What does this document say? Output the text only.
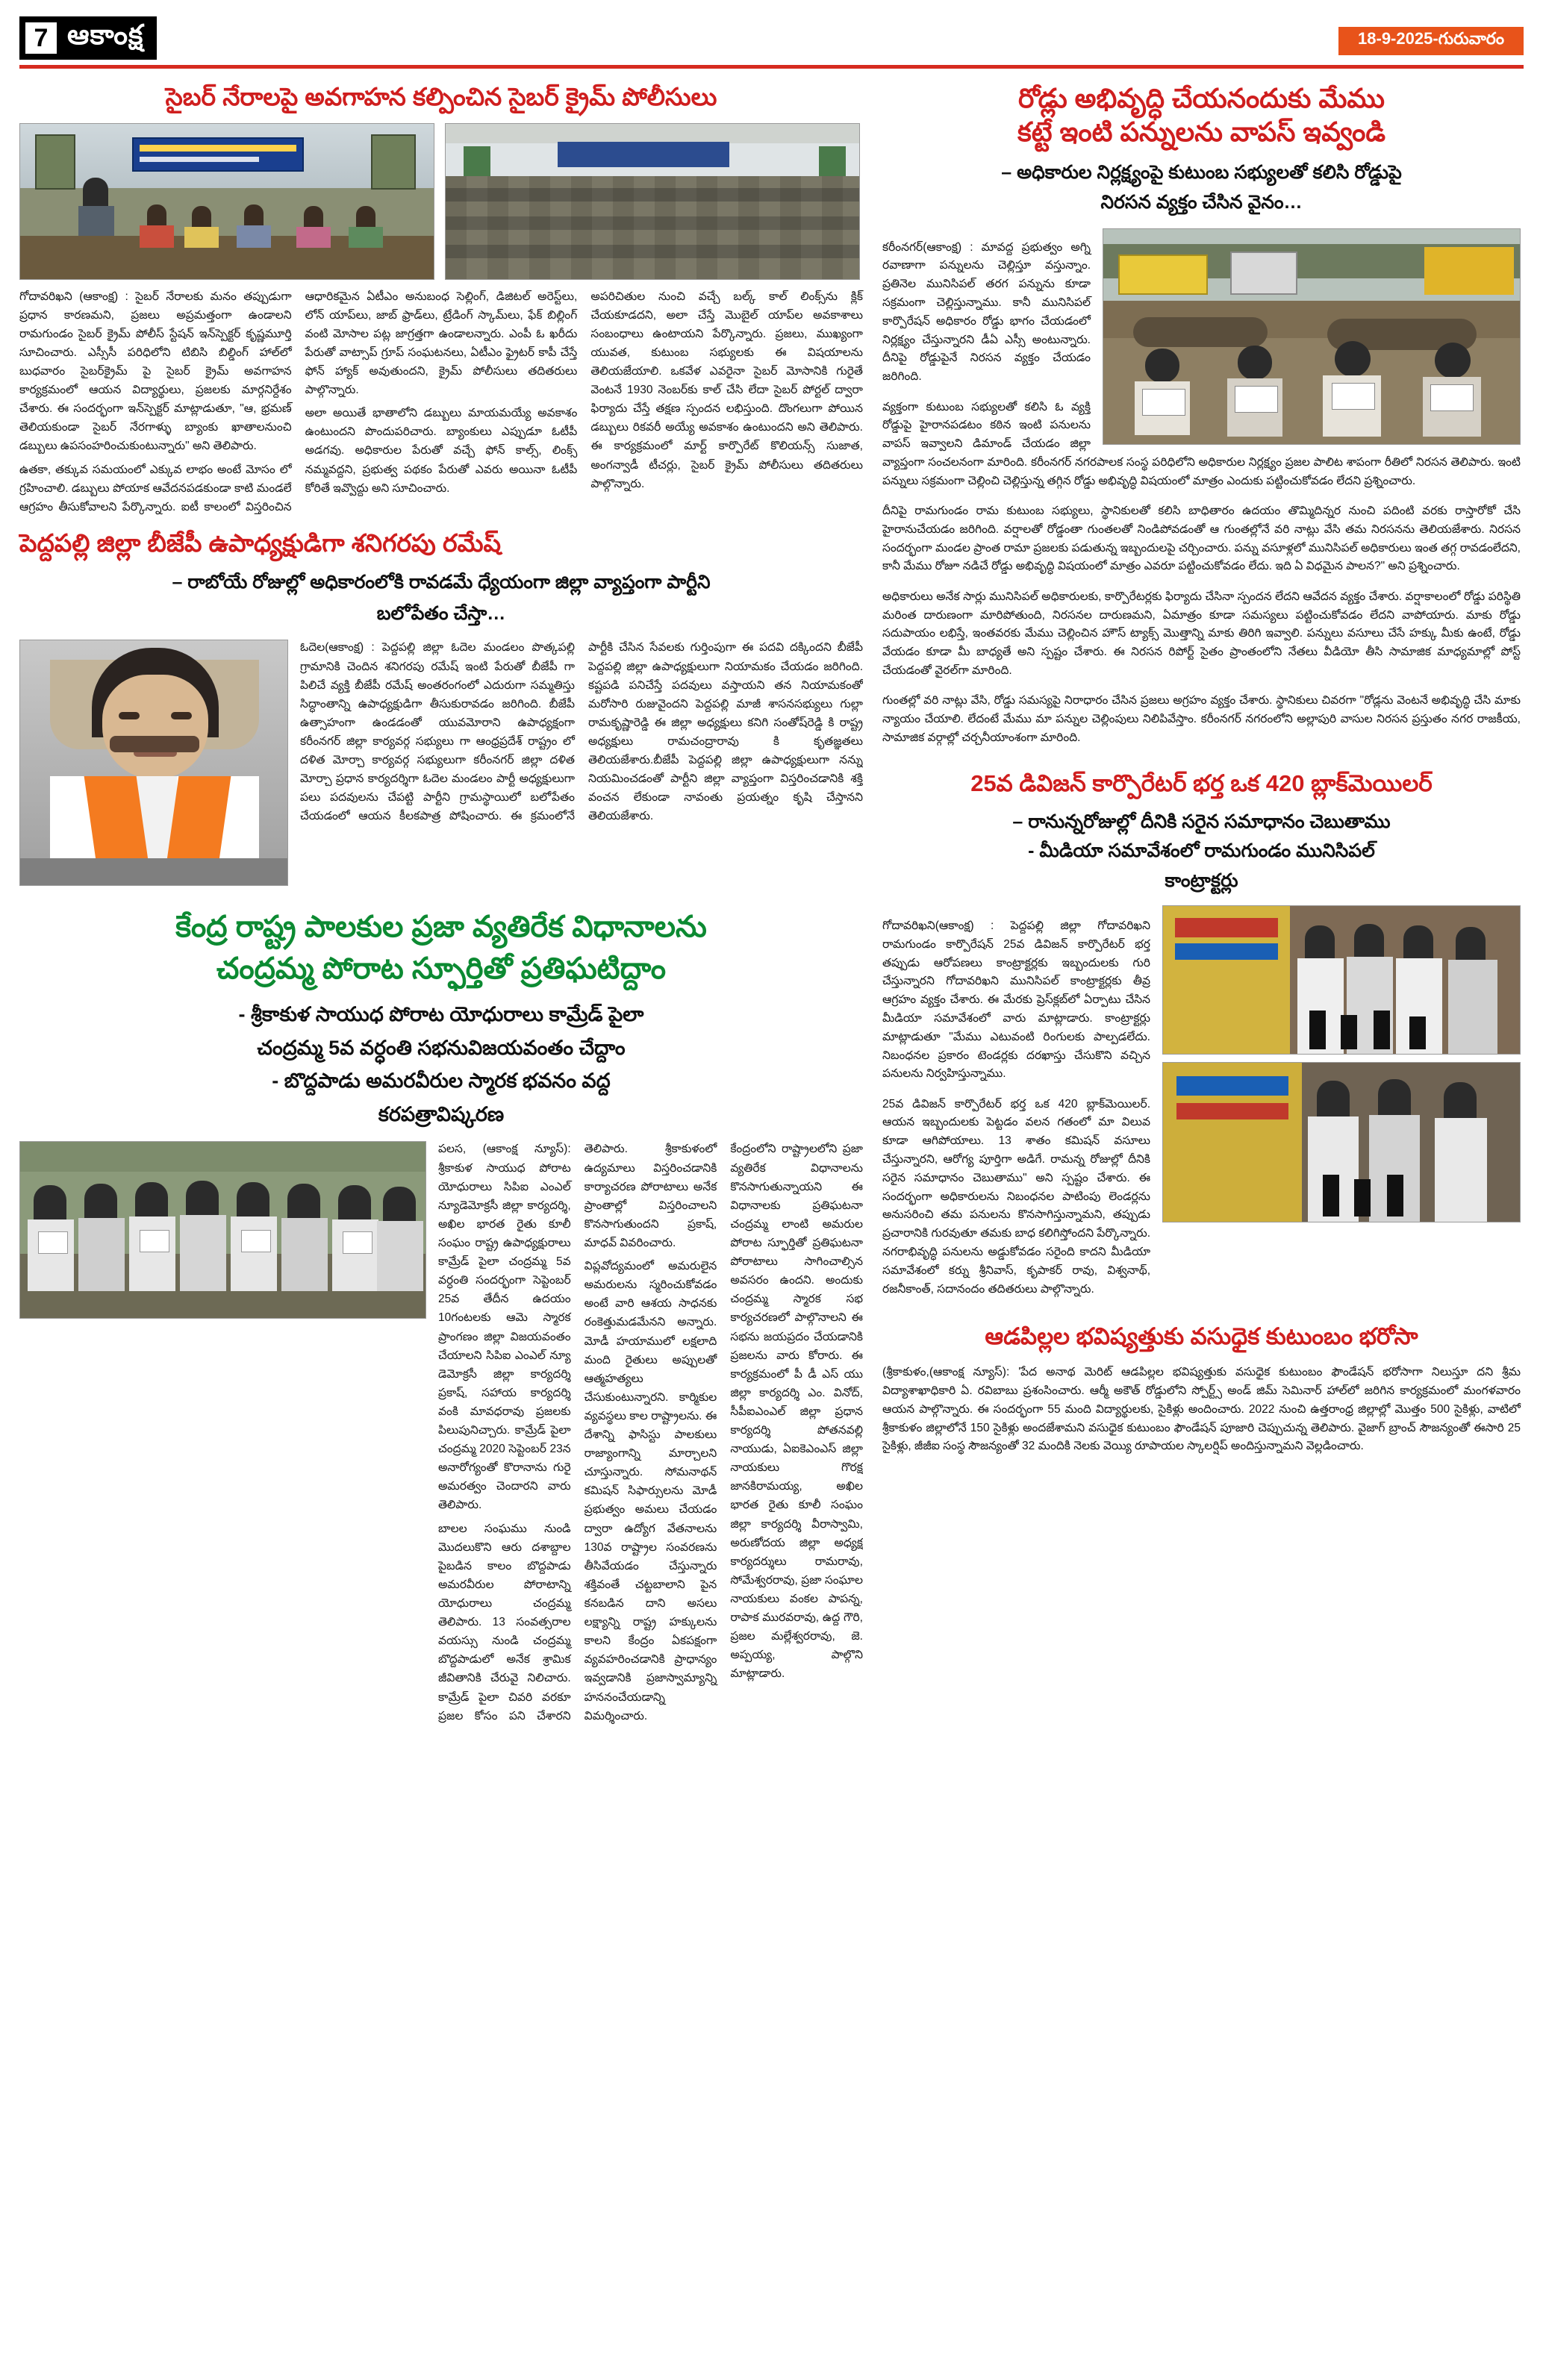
7 ఆకాంక్ష	18-9-2025-గురువారం
సైబర్ నేరాలపై అవగాహన కల్పించిన సైబర్ క్రైమ్ పోలీసులు

గోదావరిఖని (ఆకాంక్ష) : సైబర్ నేరాలకు మనం తప్పుడుగా ప్రధాన కారణమని, ప్రజలు అప్రమత్తంగా ఉండాలని రామగుండం సైబర్ క్రైమ్ పోలీస్ స్టేషన్ ఇన్‌స్పెక్టర్ కృష్ణమూర్తి సూచించారు. ఎస్సీసీ పరిధిలోని టిబిసి బిల్డింగ్ హాల్‌లో బుధవారం సైబర్‌క్రైమ్ పై సైబర్ క్రైమ్ అవగాహన కార్యక్రమంలో ఆయన విద్యార్థులు, ప్రజలకు మార్గనిర్దేశం చేశారు. ఈ సందర్భంగా ఇన్‌స్పెక్టర్ మాట్లాడుతూ, "ఆ, భ్రమణ్ తెలియకుండా సైబర్ నేరగాళ్ళు బ్యాంకు ఖాతాలనుంచి డబ్బులు ఉపసంహరించుకుంటున్నారు" అని తెలిపారు.

ఉతకా, తక్కువ సమయంలో ఎక్కువ లాభం అంటే మోసం లో గ్రహించాలి. డబ్బులు పోయాక ఆవేదనపడకుండా కాటి మండలే ఆగ్రహం తీసుకోవాలని పేర్కొన్నారు. ఐటీ కాలంలో విస్తరించిన ఆధారికమైన ఏటీఎం అనుబంధ సెల్లింగ్, డిజిటల్ అరెస్ట్‌లు, లోన్ యాప్‌లు, జాబ్ ఫ్రాడ్‌లు, ట్రేడింగ్ స్కామ్‌లు, ఫేక్ బిల్లింగ్ వంటి మోసాల పట్ల జాగ్రత్తగా ఉండాలన్నారు. ఎంపీ ఓ ఖరీదు పేరుతో వాట్సాప్ గ్రూప్ సంఘటనలు, ఏటీఎం ఫ్రైటర్ కాపీ చేస్తే ఫోన్ హ్యాక్ అవుతుందని, క్రైమ్ పోలీసులు తదితరులు పాల్గొన్నారు.

అలా అయితే భాతాలోని డబ్బులు మాయమయ్యే అవకాశం ఉంటుందని పొందుపరిచారు. బ్యాంకులు ఎప్పుడూ ఓటీపీ అడగవు. అధికారుల పేరుతో వచ్చే ఫోన్ కాల్స్, లింక్స్ నమ్మవద్దని, ప్రభుత్వ పథకం పేరుతో ఎవరు అయినా ఓటీపీ కోరితే ఇవ్వొద్దు అని సూచించారు.

అపరిచితుల నుంచి వచ్చే బల్క్ కాల్ లింక్స్‌ను క్లిక్ చేయకూడదని, అలా చేస్తే మొబైల్ యాప్‌ల అవకాశాలు సంబంధాలు ఉంటాయని పేర్కొన్నారు. ప్రజలు, ముఖ్యంగా యువత, కుటుంబ సభ్యులకు ఈ విషయాలను తెలియజేయాలి. ఒకవేళ ఎవరైనా సైబర్ మోసానికి గురైతే వెంటనే 1930 నెంబర్‌కు కాల్ చేసి లేదా సైబర్ పోర్టల్ ద్వారా ఫిర్యాదు చేస్తే తక్షణ స్పందన లభిస్తుంది. దొంగలుగా పోయిన డబ్బులు రికవరీ అయ్యే అవకాశం ఉంటుందని అని తెలిపారు. ఈ కార్యక్రమంలో మార్ట్ కార్పొరేట్ కొలియన్స్ సుజాత, అంగన్వాడీ టీచర్లు, సైబర్ క్రైమ్ పోలీసులు తదితరులు పాల్గొన్నారు.

పెద్దపల్లి జిల్లా బీజేపీ ఉపాధ్యక్షుడిగా శనిగరపు రమేష్
– రాబోయే రోజుల్లో అధికారంలోకి రావడమే ధ్యేయంగా జిల్లా వ్యాప్తంగా పార్టీని
బలోపేతం చేస్తా…

ఓదెల(ఆకాంక్ష) : పెద్దపల్లి జిల్లా ఓదెల మండలం పొత్కపల్లి గ్రామానికి చెందిన శనిగరపు రమేష్ ఇంటి పేరుతో బీజేపీ గా పిలిచే వ్యక్తి బీజేపీ రమేష్ అంతరంగంలో ఎదురుగా సమ్మతిస్తు సిద్ధాంతాన్ని ఉపాధ్యక్షుడిగా తీసుకురావడం జరిగింది. బీజేపీ ఉత్సాహంగా ఉండడంతో యువమోరాని ఉపాధ్యక్షంగా కరీంనగర్ జిల్లా కార్యవర్గ సభ్యులు గా ఆంధ్రప్రదేశ్ రాష్ట్రం లో దళిత మోర్చా కార్యవర్గ సభ్యులుగా కరీంనగర్ జిల్లా దళిత మోర్చా ప్రధాన కార్యదర్శిగా ఓదెల మండలం పార్టీ అధ్యక్షులుగా పలు పదవులను చేపట్టి పార్టీని గ్రామస్థాయిలో బలోపేతం చేయడంలో ఆయన కీలకపాత్ర పోషించారు. ఈ క్రమంలోనే పార్టీకి చేసిన సేవలకు గుర్తింపుగా ఈ పదవి దక్కిందని బీజేపీ పెద్దపల్లి జిల్లా ఉపాధ్యక్షులుగా నియామకం చేయడం జరిగింది. కష్టపడి పనిచేస్తే పదవులు వస్తాయని తన నియామకంతో మరోసారి రుజువైందని పెద్దపల్లి మాజీ శాసనసభ్యులు గుల్లా రామకృష్ణారెడ్డి ఈ జిల్లా అధ్యక్షులు కనిగి సంతోష్‌రెడ్డి కి రాష్ట్ర అధ్యక్షులు రామచంద్రారావు కి కృతజ్ఞతలు తెలియజేశారు.బీజేపీ పెద్దపల్లి జిల్లా ఉపాధ్యక్షులుగా నన్ను నియమించడంతో పార్టీని జిల్లా వ్యాప్తంగా విస్తరించడానికి శక్తి వంచన లేకుండా నావంతు ప్రయత్నం కృషి చేస్తానని తెలియజేశారు.

కేంద్ర రాష్ట్ర పాలకుల ప్రజా వ్యతిరేక విధానాలను
చంద్రమ్మ పోరాట స్ఫూర్తితో ప్రతిఘటిద్దాం
- శ్రీకాకుళ సాయుధ పోరాట యోధురాలు కామ్రేడ్ పైలా
చంద్రమ్మ 5వ వర్ధంతి సభనువిజయవంతం చేద్దాం
- బొద్దపాడు అమరవీరుల స్మారక భవనం వద్ద
కరపత్రావిష్కరణ

పలస, (ఆకాంక్ష న్యూస్): శ్రీకాకుళ సాయుధ పోరాట యోధురాలు సిపిఐ ఎంఎల్ న్యూడెమోక్రసీ జిల్లా కార్యదర్శి, అఖిల భారత రైతు కూలీ సంఘం రాష్ట్ర ఉపాధ్యక్షురాలు కామ్రేడ్ పైలా చంద్రమ్మ 5వ వర్ధంతి సందర్భంగా సెప్టెంబర్ 25వ తేదీన ఉదయం 10గంటలకు ఆమె స్మారక ప్రాంగణం జిల్లా విజయవంతం చేయాలని సిపిఐ ఎంఎల్ న్యూ డెమోక్రసీ జిల్లా కార్యదర్శి ప్రకాష్, సహాయ కార్యదర్శి వంకి మావధరావు ప్రజలకు పిలుపునిచ్చారు. కామ్రేడ్ పైలా చంద్రమ్మ 2020 సెప్టెంబర్ 23న అనారోగ్యంతో కొరానాను గురై అమరత్వం చెందారని వారు తెలిపారు.

బాలల సంఘము నుండి మొదలుకొని ఆరు దశాబ్దాల పైబడిన కాలం బొద్దపాడు అమరవీరుల పోరాటాన్ని యోధురాలు చంద్రమ్మ తెలిపారు. 13 సంవత్సరాల వయస్సు నుండి చంద్రమ్మ బొద్దపాడులో అనేక శ్రామిక జీవితానికి చేరువై నిలిచారు. కామ్రేడ్ పైలా చివరి వరకూ ప్రజల కోసం పని చేశారని తెలిపారు. శ్రీకాకుళంలో ఉద్యమాలు విస్తరించడానికి కార్యాచరణ పోరాటాలు అనేక ప్రాంతాల్లో విస్తరించాలని కొనసాగుతుందని ప్రకాష్, మాధవ్ వివరించారు.

విప్లవోద్యమంలో అమరులైన అమరులను స్మరించుకోవడం అంటే వారి ఆశయ సాధనకు రంకెత్తుమడమేనని అన్నారు. మోడీ హయాములో లక్షలాది మంది రైతులు అప్పులతో ఆత్మహత్యలు చేసుకుంటున్నారని. కార్మికుల వ్యవస్థలు కాల రాష్ట్రాలను. ఈ దేశాన్ని ఫాసిస్టు పాలకులు రాజ్యాంగాన్ని మార్చాలని చూస్తున్నారు. సోమనాథన్ కమిషన్ సిఫార్సులను మోడీ ప్రభుత్వం అమలు చేయడం ద్వారా ఉద్యోగ వేతనాలను 130వ రాష్ట్రాల సంవరణను తీసివేయడం చేస్తున్నారు శక్తివంతే చట్టబాలాని పైన కనబడిన దాని అసలు లక్ష్యాన్ని రాష్ట్ర హక్కులను కాలని కేంద్రం ఏకపక్షంగా వ్యవహరించడానికి ప్రాధాన్యం ఇవ్వడానికి ప్రజాస్వామ్యాన్ని హననంచేయడాన్ని విమర్శించారు.

కేంద్రంలోని రాష్ట్రాలలోని ప్రజా వ్యతిరేక విధానాలను కొనసాగుతున్నాయని ఈ విధానాలకు ప్రతిఘటనా చంద్రమ్మ లాంటి అమరుల పోరాట స్ఫూర్తితో ప్రతిఘటనా పోరాటాలు సాగించాల్సిన అవసరం ఉందని. అందుకు చంద్రమ్మ స్మారక సభ కార్యచరణలో పాల్గొనాలని ఈ సభను జయప్రదం చేయడానికి ప్రజలను వారు కోరారు. ఈ కార్యక్రమంలో పీ డీ ఎస్ యు జిల్లా కార్యదర్శి ఎం. వినోద్, సీపీఐఎంఎల్ జిల్లా ప్రధాన కార్యదర్శి పోతనవల్లి నాయుడు, ఏఐకెఎంఎస్ జిల్లా నాయకులు గొరక్ష జానకిరామయ్య, అఖిల భారత రైతు కూలీ సంఘం జిల్లా కార్యదర్శి వీరాస్వామి, అరుణోదయ జిల్లా అధ్యక్ష కార్యదర్శులు రామరావు, సోమేశ్వరరావు, ప్రజా సంఘాల నాయకులు వంకల పాపన్న, రాపాక మురవరావు, ఉద్ద గౌరి, ప్రజల మల్లేశ్వరరావు, జె. అప్పయ్య, పాల్గొని మాట్లాడారు.

రోడ్లు అభివృద్ధి చేయనందుకు మేము
కట్టే ఇంటి పన్నులను వాపస్ ఇవ్వండి
– అధికారుల నిర్లక్ష్యంపై కుటుంబ సభ్యులతో కలిసి రోడ్డుపై
నిరసన వ్యక్తం చేసిన వైనం…

కరీంనగర్(ఆకాంక్ష) : మావద్ద ప్రభుత్వం అగ్ని రవాణాగా పన్నులను చెల్లిస్తూ వస్తున్నాం. ప్రతినెల మునిసిపల్ తరగ పన్నును కూడా సక్రమంగా చెల్లిస్తున్నాము. కానీ మునిసిపల్ కార్పొరేషన్ అధికారం రోడ్డు భాగం చేయడంలో నిర్లక్ష్యం చేస్తున్నారని డీఏ ఎస్సీ అంటున్నారు. దీనిపై రోడ్డుపైనే నిరసన వ్యక్తం చేయడం జరిగింది.

వ్యక్తంగా కుటుంబ సభ్యులతో కలిసి ఓ వ్యక్తి రోడ్డుపై హైరానపడటం కఠిన ఇంటి పనులను వాపస్ ఇవ్వాలని డిమాండ్ చేయడం జిల్లా వ్యాప్తంగా సంచలనంగా మారింది. కరీంనగర్ నగరపాలక సంస్థ పరిధిలోని అధికారుల నిర్లక్ష్యం ప్రజల పాలిట శాపంగా రీతిలో నిరసన తెలిపారు. ఇంటి పన్నులు సక్రమంగా చెల్లించి చెల్లిస్తున్న తగ్గిన రోడ్డు అభివృద్ధి విషయంలో మాత్రం ఎందుకు పట్టించుకోవడం లేదని ప్రశ్నించారు.

దీనిపై రామగుండం రామ కుటుంబ సభ్యులు, స్థానికులతో కలిసి బాధితారం ఉదయం తొమ్మిదిన్నర నుంచి పదింటి వరకు రాస్తారోకో చేసి హైరానుచేయడం జరిగింది. వర్షాలతో రోడ్డంతా గుంతలతో నిండిపోవడంతో ఆ గుంతల్లోనే వరి నాట్లు వేసి తమ నిరసనను తెలియజేశారు. నిరసన సందర్భంగా మండల ప్రాంత రామా ప్రజలకు పడుతున్న ఇబ్బందులపై చర్చించారు. పన్ను వసూళ్లలో మునిసిపల్ అధికారులు ఇంత తగ్గ రావడంలేదని, కానీ మేము రోజూ నడిచే రోడ్డు అభివృద్ధి విషయంలో మాత్రం ఎవరూ పట్టించుకోవడం లేదు. ఇది ఏ విధమైన పాలన?" అని ప్రశ్నించారు.

అధికారులు అనేక సార్లు మునిసిపల్ అధికారులకు, కార్పొరేటర్లకు ఫిర్యాదు చేసినా స్పందన లేదని ఆవేదన వ్యక్తం చేశారు. వర్షాకాలంలో రోడ్డు పరిస్థితి మరింత దారుణంగా మారిపోతుంది, నిరసనల దారుణమని, ఏమాత్రం కూడా సమస్యలు పట్టించుకోవడం లేదని వాపోయారు. మాకు రోడ్డు సదుపాయం లభిస్తే, ఇంతవరకు మేము చెల్లించిన హౌస్ ట్యాక్స్ మొత్తాన్ని మాకు తిరిగి ఇవ్వాలి. పన్నులు వసూలు చేసే హక్కు మీకు ఉంటే, రోడ్డు వేయడం కూడా మీ బాధ్యతే అని స్పష్టం చేశారు. ఈ నిరసన రిపోర్ట్ సైతం ప్రాంతంలోని నేతలు వీడియో తీసి సామాజిక మాధ్యమాల్లో పోస్ట్ చేయడంతో వైరల్‌గా మారింది.

గుంతల్లో వరి నాట్లు వేసి, రోడ్డు సమస్యపై నిరాధారం చేసిన ప్రజలు అగ్రహం వ్యక్తం చేశారు. స్థానికులు చివరగా "రోడ్లను వెంటనే అభివృద్ధి చేసి మాకు న్యాయం చేయాలి. లేదంటే మేము మా పన్నుల చెల్లింపులు నిలిపివేస్తాం. కరీంనగర్ నగరంలోని అల్లాపురి వాసుల నిరసన ప్రస్తుతం నగర రాజకీయ, సామాజిక వర్గాల్లో చర్చనీయాంశంగా మారింది.

25వ డివిజన్ కార్పొరేటర్ భర్త ఒక 420 బ్లాక్‌మెయిలర్
– రానున్నరోజుల్లో దీనికి సరైన సమాధానం చెబుతాము
- మీడియా సమావేశంలో రామగుండం మునిసిపల్
కాంట్రాక్టర్లు

గోదావరిఖని(ఆకాంక్ష) : పెద్దపల్లి జిల్లా గోదావరిఖని రామగుండం కార్పొరేషన్ 25వ డివిజన్ కార్పొరేటర్ భర్త తప్పుడు ఆరోపణలు కాంట్రాక్టర్లకు ఇబ్బందులకు గురి చేస్తున్నారని గోదావరిఖని మునిసిపల్ కాంట్రాక్టర్లకు తీవ్ర ఆగ్రహం వ్యక్తం చేశారు. ఈ మేరకు ప్రెస్‌క్లబ్‌లో ఏర్పాటు చేసిన మీడియా సమావేశంలో వారు మాట్లాడారు. కాంట్రాక్టర్లు మాట్లాడుతూ "మేము ఎటువంటి రింగులకు పాల్పడలేదు. నిబంధనల ప్రకారం టెండర్లకు దరఖాస్తు చేసుకొని వచ్చిన పనులను నిర్వహిస్తున్నాము.

25వ డివిజన్ కార్పొరేటర్ భర్త ఒక 420 బ్లాక్‌మెయిలర్. ఆయన ఇబ్బందులకు పెట్టడం వలన గతంలో మా విలువ కూడా ఆగిపోయాలు. 13 శాతం కమిషన్ వసూలు చేస్తున్నారని, ఆరోగ్య పూర్తిగా అడిగే. రామన్న రోజుల్లో దీనికి సరైన సమాధానం చెబుతాము" అని స్పష్టం చేశారు. ఈ సందర్భంగా అధికారులను నిబంధనల పాటింపు లెండర్లను అనుసరించి తమ పనులను కొనసాగిస్తున్నామని, తప్పుడు ప్రచారానికి గురవుతూ తమకు బాధ కలిగిస్తోందని పేర్కొన్నారు. నగరాభివృద్ధి పనులను అడ్డుకోవడం సరైంది కాదని మీడియా సమావేశంలో కర్ను శ్రీనివాస్, కృపాకర్ రావు, విశ్వనాథ్, రజనీకాంత్, సదానందం తదితరులు పాల్గొన్నారు.

ఆడపిల్లల భవిష్యత్తుకు వసుధైక కుటుంబం భరోసా

(శ్రీకాకుళం,(ఆకాంక్ష న్యూస్): 'పేద అనాథ మెరిట్ ఆడపిల్లల భవిష్యత్తుకు వసుధైక కుటుంబం ఫౌండేషన్ భరోసాగా నిలుస్తూ దని శ్రీమ విద్యాశాఖాధికారి ఏ. రవిబాబు ప్రశంసించారు. ఆర్మీ అకౌత్ రోడ్డులోని స్పోర్ట్స్ అండ్ జిమ్ సెమినార్ హాల్‌లో జరిగిన కార్యక్రమంలో మంగళవారం ఆయన పాల్గొన్నారు. ఈ సందర్భంగా 55 మంది విద్యార్థులకు, సైకిళ్లు అందించారు. 2022 నుంచి ఉత్తరాంధ్ర జిల్లాల్లో మొత్తం 500 సైకిళ్లు, వాటిలో శ్రీకాకుళం జిల్లాలోనే 150 సైకిళ్లు అందజేశామని వసుధైక కుటుంబం ఫౌండేషన్ పూజారి చెప్పుచున్న తెలిపారు. వైజాగ్ బ్రాంచ్ సౌజన్యంతో ఈసారి 25 సైకిళ్లు, జీజీఐ సంస్థ సౌజన్యంతో 32 మందికి నెలకు వెయ్యి రూపాయల స్కాలర్షిప్ అందిస్తున్నామని వెల్లడించారు.
